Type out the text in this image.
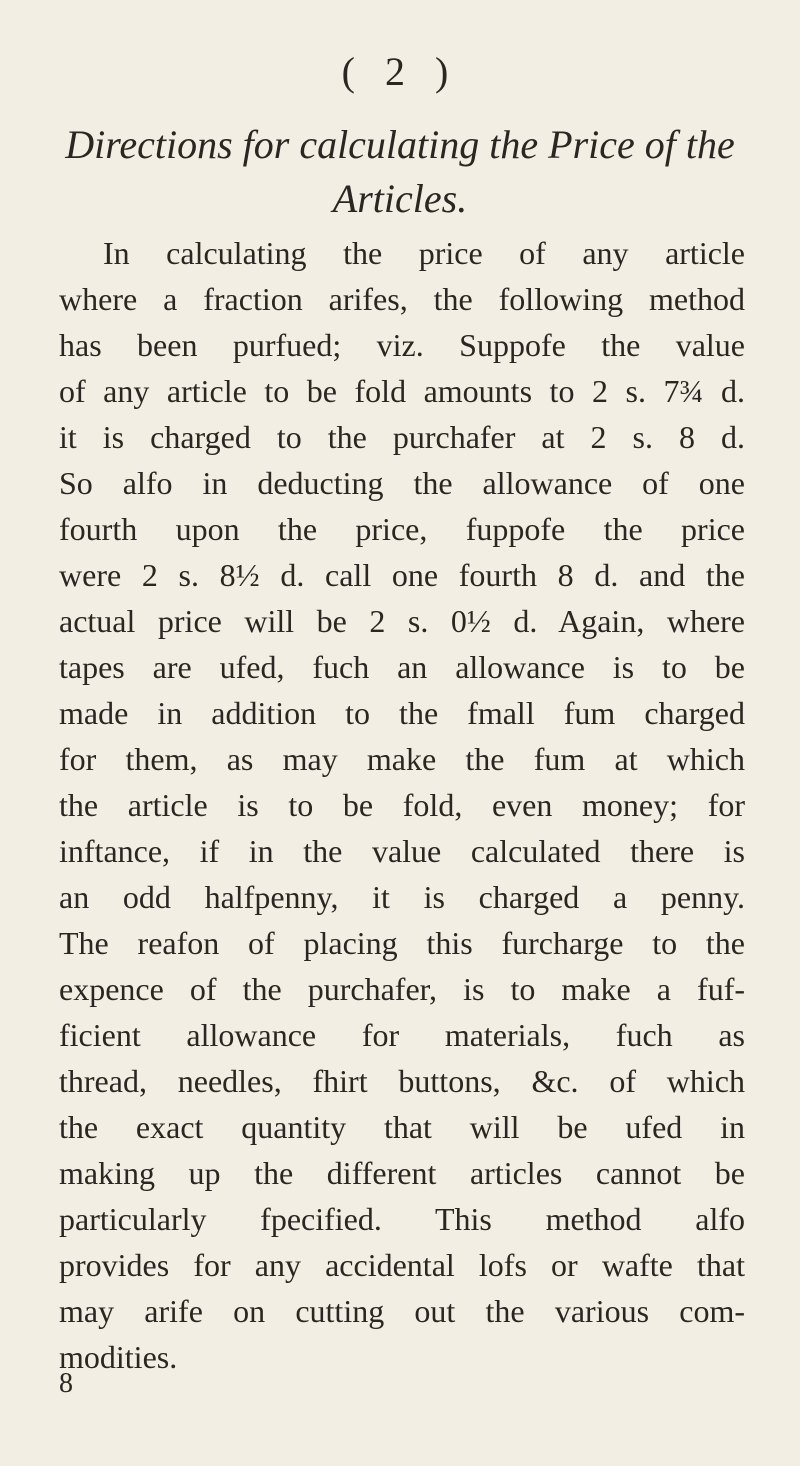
( 2 )
Directions for calculating the Price of the
Articles.
In calculating the price of any article
where a fraction arifes, the following method
has been purfued; viz. Suppofe the value
of any article to be fold amounts to 2 s. 7¾ d.
it is charged to the purchafer at 2 s. 8 d.
So alfo in deducting the allowance of one
fourth upon the price, fuppofe the price
were 2 s. 8½ d. call one fourth 8 d. and the
actual price will be 2 s. 0½ d. Again, where
tapes are ufed, fuch an allowance is to be
made in addition to the fmall fum charged
for them, as may make the fum at which
the article is to be fold, even money; for
inftance, if in the value calculated there is
an odd halfpenny, it is charged a penny.
The reafon of placing this furcharge to the
expence of the purchafer, is to make a fuf-
ficient allowance for materials, fuch as
thread, needles, fhirt buttons, &c. of which
the exact quantity that will be ufed in
making up the different articles cannot be
particularly fpecified. This method alfo
provides for any accidental lofs or wafte that
may arife on cutting out the various com-
modities.
8
